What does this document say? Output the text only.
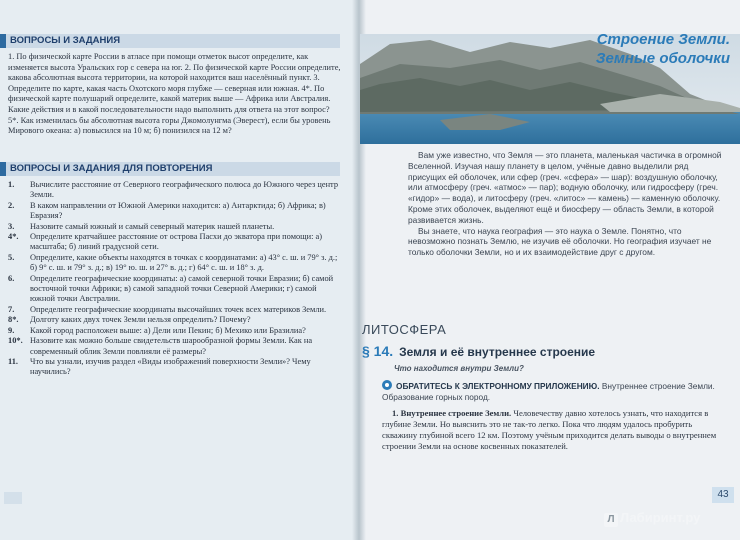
ВОПРОСЫ И ЗАДАНИЯ

1. По физической карте России в атласе при помощи отметок высот определите, как изменяется высота Уральских гор с севера на юг. 2. По физической карте России определите, какова абсолютная высота территории, на которой находится ваш населённый пункт. 3. Определите по карте, какая часть Охотского моря глубже — северная или южная. 4*. По физической карте полушарий определите, какой материк выше — Африка или Австралия. Какие действия и в какой последовательности надо выполнить для ответа на этот вопрос? 5*. Как изменилась бы абсолютная высота горы Джомолунгма (Эверест), если бы уровень Мирового океана: а) повысился на 10 м; б) понизился на 12 м?

ВОПРОСЫ И ЗАДАНИЯ ДЛЯ ПОВТОРЕНИЯ
1.	Вычислите расстояние от Северного географического полюса до Южного через центр Земли.
2.	В каком направлении от Южной Америки находится: а) Антарктида; б) Африка; в) Евразия?
3.	Назовите самый южный и самый северный материк нашей планеты.
4*.	Определите кратчайшее расстояние от острова Пасхи до экватора при помощи: а) масштаба; б) линий градусной сети.
5.	Определите, какие объекты находятся в точках с координатами: а) 43° с. ш. и 79° з. д.; б) 9° с. ш. и 79° з. д.; в) 19° ю. ш. и 27° в. д.; г) 64° с. ш. и 18° з. д.
6.	Определите географические координаты: а) самой северной точки Евразии; б) самой восточной точки Африки; в) самой западной точки Северной Америки; г) самой южной точки Австралии.
7.	Определите географические координаты высочайших точек всех материков Земли.
8*.	Долготу каких двух точек Земли нельзя определить? Почему?
9.	Какой город расположен выше: а) Дели или Пекин; б) Мехико или Бразилиа?
10*. Назовите как можно больше свидетельств шарообразной формы Земли. Как на современный облик Земли повлияли её размеры?
11.	Что вы узнали, изучив раздел «Виды изображений поверхности Земли»? Чему научились?
Строение Земли.
Земные оболочки

Вам уже известно, что Земля — это планета, маленькая частичка в огромной Вселенной. Изучая нашу планету в целом, учёные давно выделили ряд присущих ей оболочек, или сфер (греч. «сфера» — шар): воздушную оболочку, или атмосферу (греч. «атмос» — пар); водную оболочку, или гидросферу (греч. «гидор» — вода), и литосферу (греч. «литос» — камень) — каменную оболочку. Кроме этих оболочек, выделяют ещё и биосферу — область Земли, в которой развивается жизнь.

Вы знаете, что наука география — это наука о Земле. Понятно, что невозможно познать Землю, не изучив её оболочки. Но география изучает не только оболочки Земли, но и их взаимодействие друг с другом.

ЛИТОСФЕРА
§ 14. Земля и её внутреннее строение
Что находится внутри Земли?
ОБРАТИТЕСЬ К ЭЛЕКТРОННОМУ ПРИЛОЖЕНИЮ. Внутреннее строение Земли. Образование горных пород.

1. Внутреннее строение Земли. Человечеству давно хотелось узнать, что находится в глубине Земли. Но выяснить это не так-то легко. Пока что людям удалось пробурить скважину глубиной всего 12 км. Поэтому учёным приходится делать выводы о внутреннем строении Земли на основе косвенных показателей.

43
Л Лабиринт.ру
